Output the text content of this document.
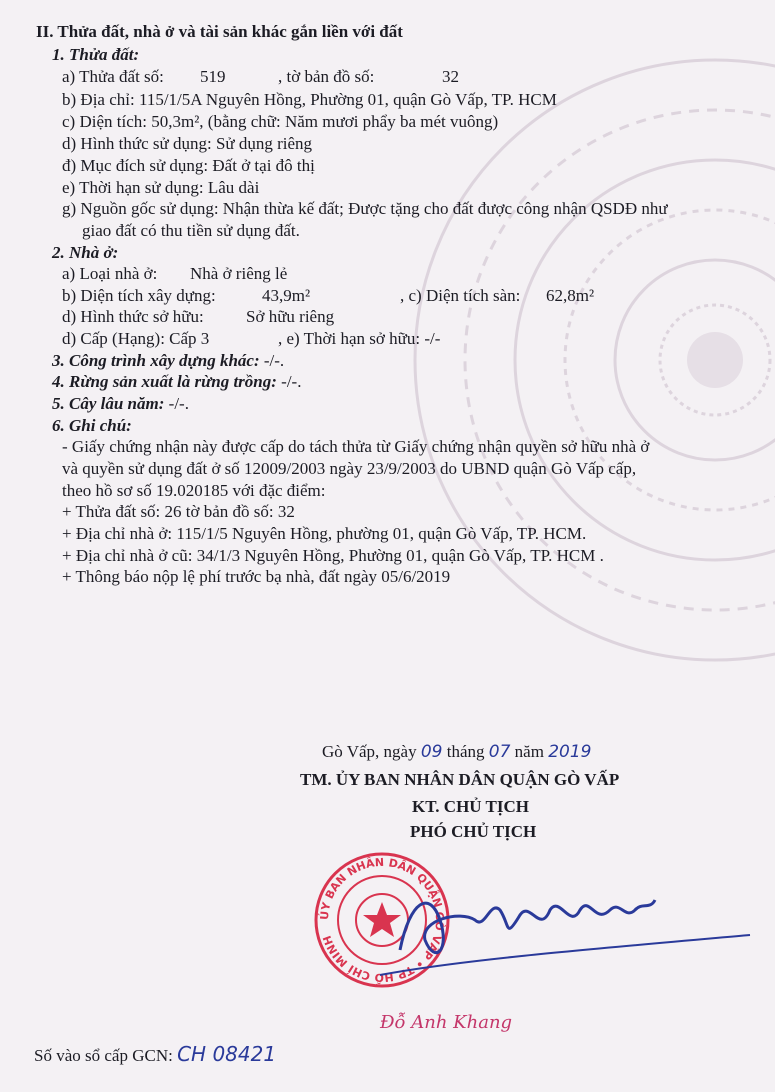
II. Thửa đất, nhà ở và tài sản khác gắn liền với đất
1. Thửa đất:
a) Thửa đất số: 519	, tờ bản đồ số:	32
b) Địa chỉ: 115/1/5A Nguyên Hồng, Phường 01, quận Gò Vấp, TP. HCM
c) Diện tích: 50,3m², (bằng chữ: Năm mươi phẩy ba mét vuông)
d) Hình thức sử dụng: Sử dụng riêng
đ) Mục đích sử dụng: Đất ở tại đô thị
e) Thời hạn sử dụng: Lâu dài
g) Nguồn gốc sử dụng: Nhận thừa kế đất; Được tặng cho đất được công nhận QSDĐ như
giao đất có thu tiền sử dụng đất.
2. Nhà ở:
a) Loại nhà ở: Nhà ở riêng lẻ
b) Diện tích xây dựng:	43,9m²	, c) Diện tích sàn: 62,8m²
d) Hình thức sở hữu: Sở hữu riêng
d) Cấp (Hạng): Cấp 3	, e) Thời hạn sở hữu: -/-
3. Công trình xây dựng khác: -/-.
4. Rừng sản xuất là rừng trồng: -/-.
5. Cây lâu năm: -/-.
6. Ghi chú:
- Giấy chứng nhận này được cấp do tách thửa từ Giấy chứng nhận quyền sở hữu nhà ở
và quyền sử dụng đất ở số 12009/2003 ngày 23/9/2003 do UBND quận Gò Vấp cấp,
theo hồ sơ số 19.020185 với đặc điểm:
+ Thửa đất số: 26 tờ bản đồ số: 32
+ Địa chỉ nhà ở: 115/1/5 Nguyên Hồng, phường 01, quận Gò Vấp, TP. HCM.
+ Địa chỉ nhà ở cũ: 34/1/3 Nguyên Hồng, Phường 01, quận Gò Vấp, TP. HCM .
+ Thông báo nộp lệ phí trước bạ nhà, đất ngày 05/6/2019
Gò Vấp, ngày 09 tháng 07 năm 2019
TM. ỦY BAN NHÂN DÂN QUẬN GÒ VẤP
KT. CHỦ TỊCH
PHÓ CHỦ TỊCH
ỦY BAN NHÂN DÂN QUẬN GÒ VẤP • TP HỒ CHÍ MINH
Đỗ Anh Khang
Số vào sổ cấp GCN: CH 08421
